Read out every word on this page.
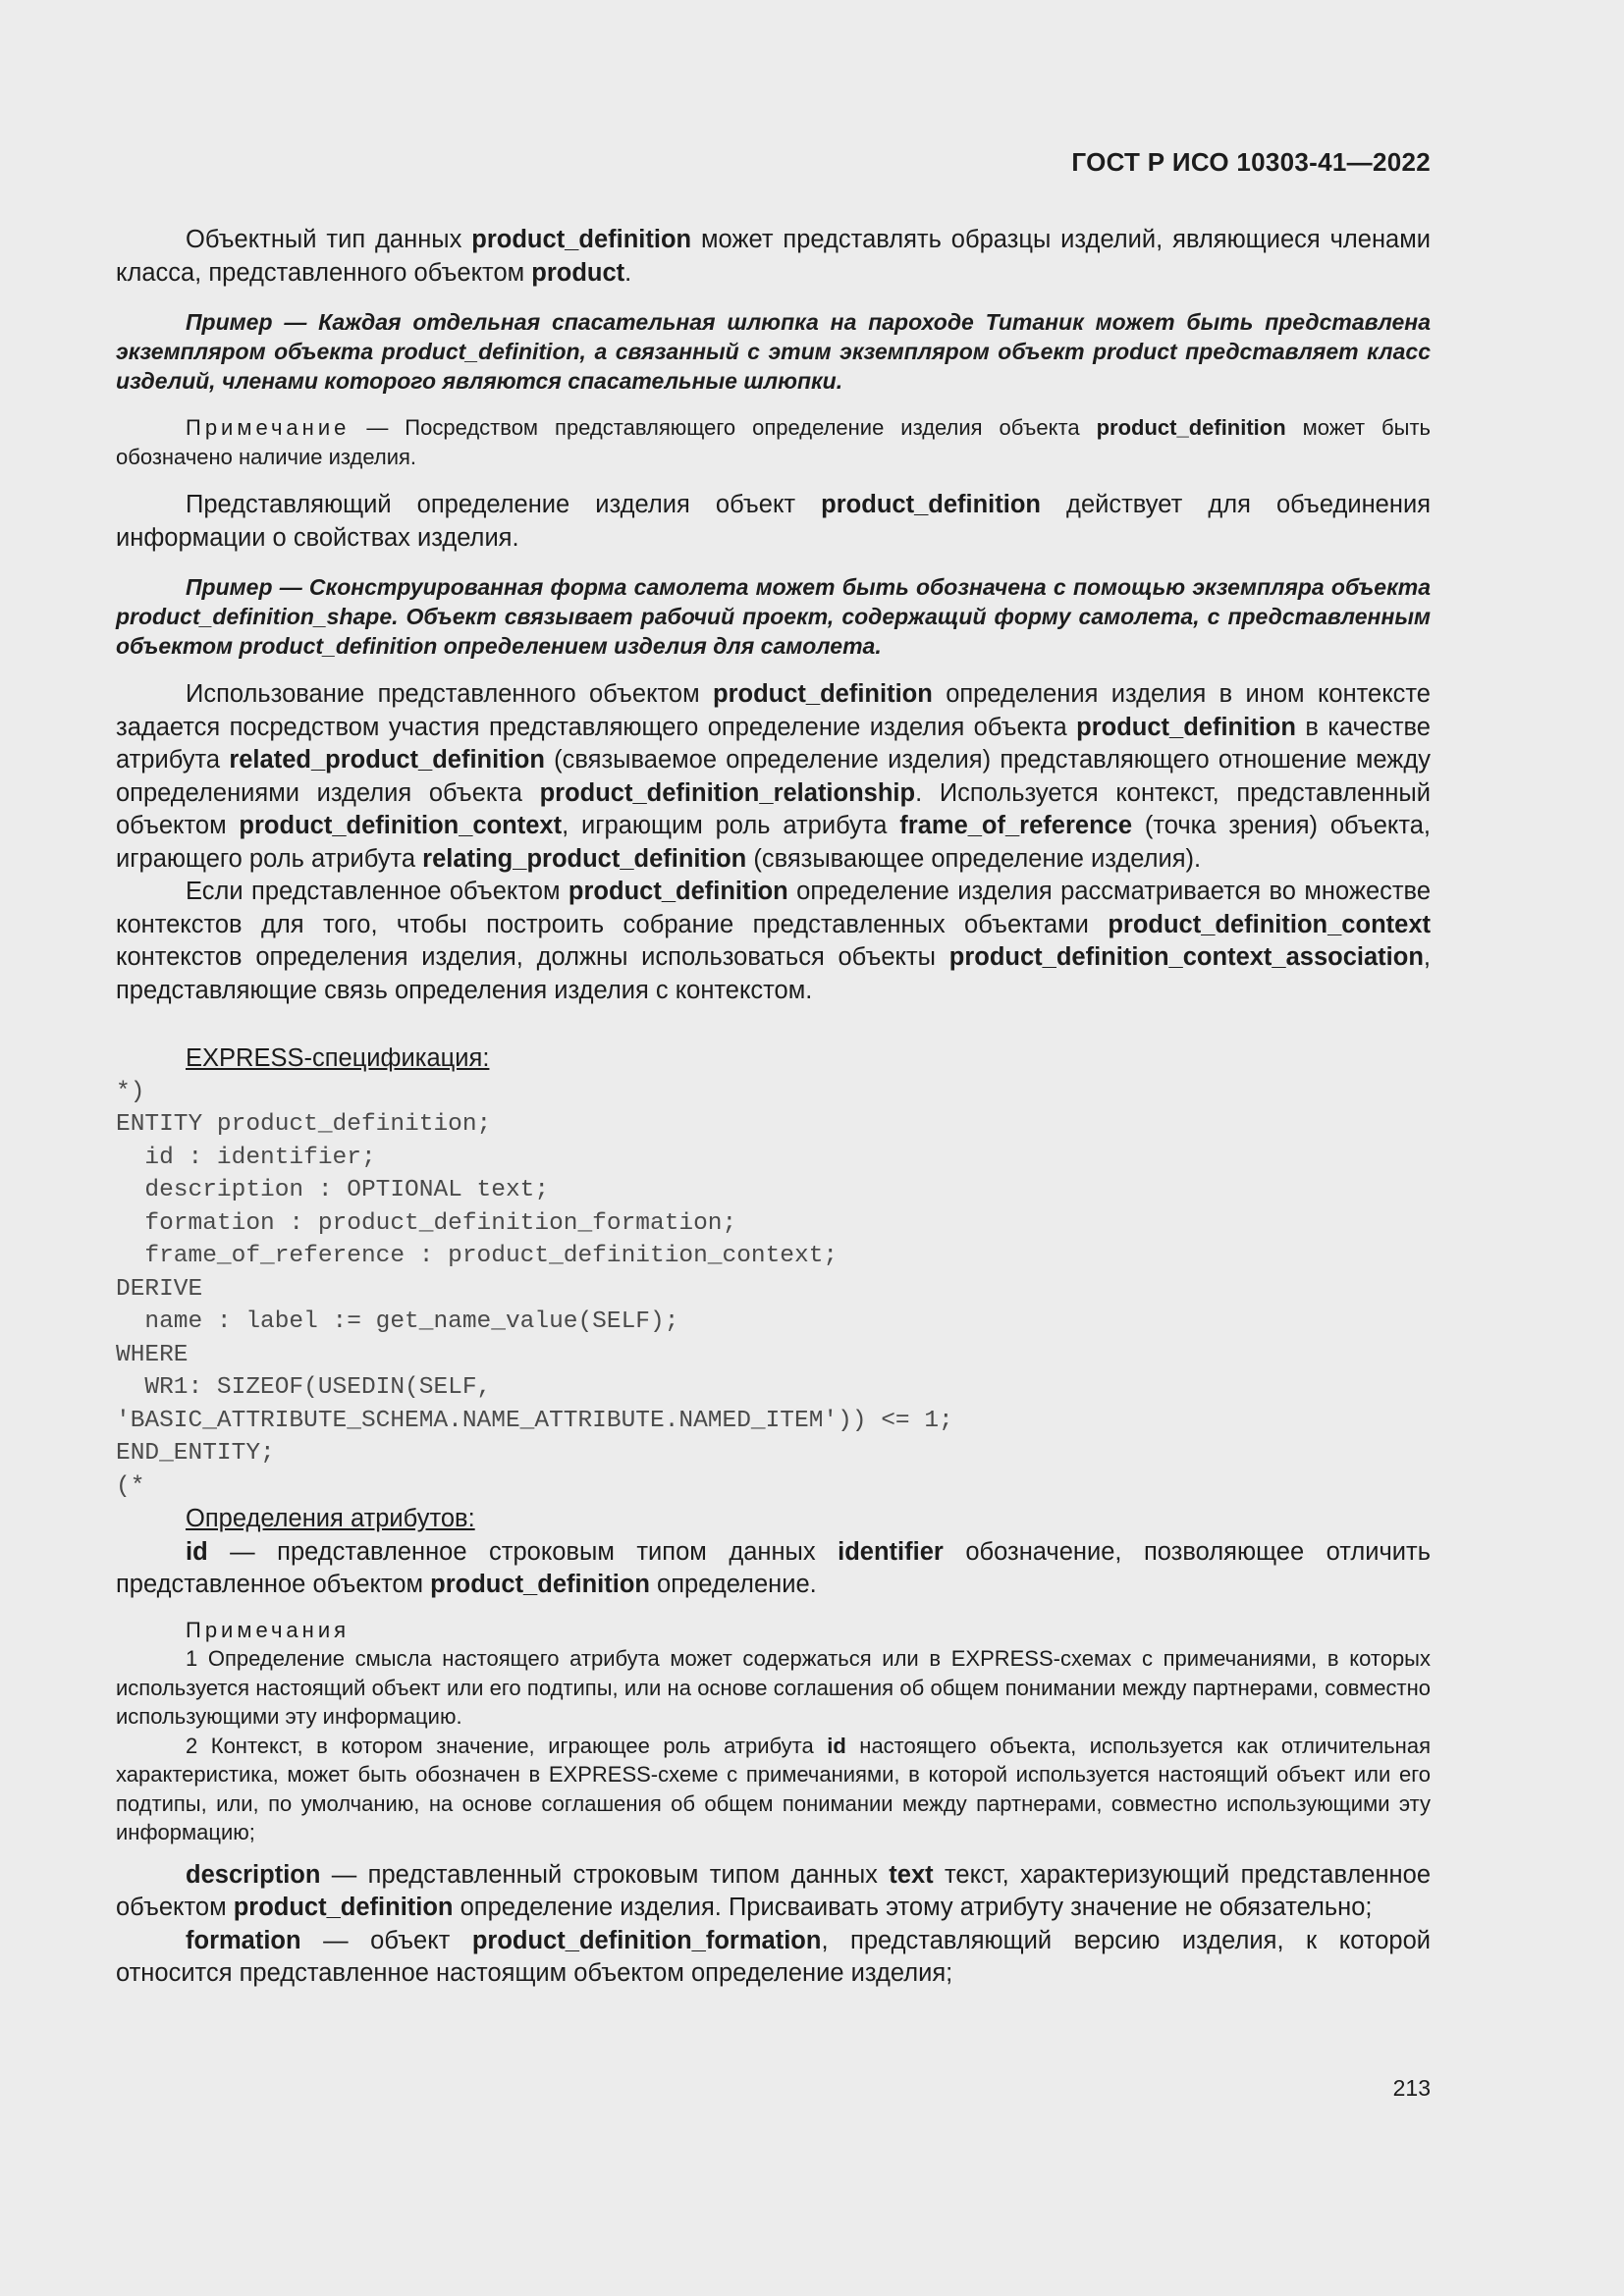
ГОСТ Р ИСО 10303-41—2022

Объектный тип данных product_definition может представлять образцы изделий, являющиеся членами класса, представленного объектом product.

Пример — Каждая отдельная спасательная шлюпка на пароходе Титаник может быть представлена экземпляром объекта product_definition, а связанный с этим экземпляром объект product представляет класс изделий, членами которого являются спасательные шлюпки.

Примечание — Посредством представляющего определение изделия объекта product_definition может быть обозначено наличие изделия.

Представляющий определение изделия объект product_definition действует для объединения информации о свойствах изделия.

Пример — Сконструированная форма самолета может быть обозначена с помощью экземпляра объекта product_definition_shape. Объект связывает рабочий проект, содержащий форму самолета, с представленным объектом product_definition определением изделия для самолета.

Использование представленного объектом product_definition определения изделия в ином контексте задается посредством участия представляющего определение изделия объекта product_definition в качестве атрибута related_product_definition (связываемое определение изделия) представляющего отношение между определениями изделия объекта product_definition_relationship. Используется контекст, представленный объектом product_definition_context, играющим роль атрибута frame_of_reference (точка зрения) объекта, играющего роль атрибута relating_product_definition (связывающее определение изделия).

Если представленное объектом product_definition определение изделия рассматривается во множестве контекстов для того, чтобы построить собрание представленных объектами product_definition_context контекстов определения изделия, должны использоваться объекты product_definition_context_association, представляющие связь определения изделия с контекстом.

EXPRESS-спецификация:
*)
ENTITY product_definition;
id : identifier;
description : OPTIONAL text;
formation : product_definition_formation;
frame_of_reference : product_definition_context;
DERIVE
name : label := get_name_value(SELF);
WHERE
WR1: SIZEOF(USEDIN(SELF,
'BASIC_ATTRIBUTE_SCHEMA.NAME_ATTRIBUTE.NAMED_ITEM')) <= 1;
END_ENTITY;
(*
Определения атрибутов:

id — представленное строковым типом данных identifier обозначение, позволяющее отличить представленное объектом product_definition определение.

Примечания

1 Определение смысла настоящего атрибута может содержаться или в EXPRESS-схемах с примечаниями, в которых используется настоящий объект или его подтипы, или на основе соглашения об общем понимании между партнерами, совместно использующими эту информацию.

2 Контекст, в котором значение, играющее роль атрибута id настоящего объекта, используется как отличительная характеристика, может быть обозначен в EXPRESS-схеме с примечаниями, в которой используется настоящий объект или его подтипы, или, по умолчанию, на основе соглашения об общем понимании между партнерами, совместно использующими эту информацию;

description — представленный строковым типом данных text текст, характеризующий представленное объектом product_definition определение изделия. Присваивать этому атрибуту значение не обязательно;

formation — объект product_definition_formation, представляющий версию изделия, к которой относится представленное настоящим объектом определение изделия;

213
